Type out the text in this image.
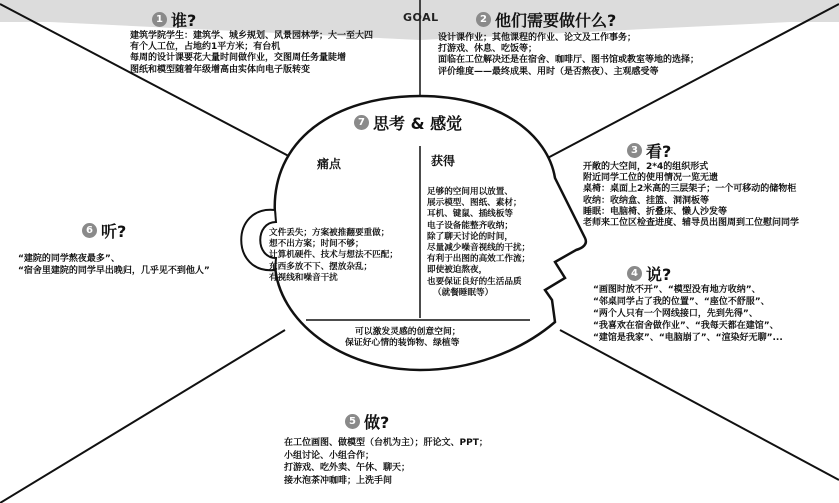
GOAL
1 谁?
建筑学院学生：建筑学、城乡规划、风景园林学；大一至大四
有个人工位，占地约1平方米；有台机
每周的设计课要花大量时间做作业，交图周任务量陡增
图纸和模型随着年级增高由实体向电子版转变
2 他们需要做什么?
设计课作业；其他课程的作业、论文及工作事务；
打游戏、休息、吃饭等；
面临在工位解决还是在宿舍、咖啡厅、图书馆或教室等地的选择；
评价维度——最终成果、用时（是否熬夜）、主观感受等
7 思考 & 感觉
痛点	获得
文件丢失；方案被推翻要重做；
想不出方案；时间不够；
计算机硬件、技术与想法不匹配；
东西多放不下、摆放杂乱；
有视线和噪音干扰
足够的空间用以放置、
展示模型、图纸、素材；
耳机、键鼠、插线板等
电子设备能整齐收纳；
除了聊天讨论的时间，
尽量减少噪音视线的干扰；
有利于出图的高效工作流；
即使被迫熬夜，
也要保证良好的生活品质
（就餐睡眠等）
可以激发灵感的创意空间；
保证好心情的装饰物、绿植等
3 看?
开敞的大空间，2*4的组织形式
附近同学工位的使用情况一览无遗
桌椅：桌面上2米高的三层架子；一个可移动的储物柜
收纳：收纳盒、挂篮、洞洞板等
睡眠：电脑椅、折叠床、懒人沙发等
老师来工位区检查进度、辅导员出图周到工位慰问同学
4 说?
“画图时放不开”、“模型没有地方收纳”、
“邻桌同学占了我的位置”、“座位不舒服”、
“两个人只有一个网线接口，先到先得”、
“我喜欢在宿舍做作业”、“我每天都在建馆”、
“建馆是我家”、“电脑崩了”、“渲染好无聊”...
6 听?
“建院的同学熬夜最多”、
“宿舍里建院的同学早出晚归，几乎见不到他人”
5 做?
在工位画图、做模型（台机为主）；肝论文、PPT；
小组讨论、小组合作；
打游戏、吃外卖、午休、聊天；
接水泡茶冲咖啡；上洗手间
